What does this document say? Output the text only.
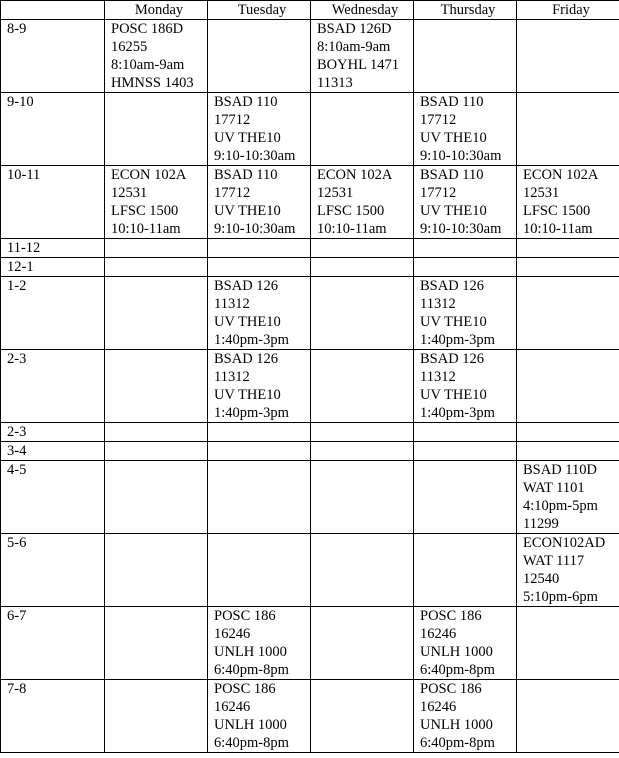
	Monday	Tuesday	Wednesday	Thursday	Friday
8-9	POSC 186D
16255
8:10am-9am
HMNSS 1403		BSAD 126D
8:10am-9am
BOYHL 1471
11313		

9-10		BSAD 110
17712
UV THE10
9:10-10:30am		BSAD 110
17712
UV THE10
9:10-10:30am	

10-11	ECON 102A
12531
LFSC 1500
10:10-11am	BSAD 110
17712
UV THE10
9:10-10:30am	ECON 102A
12531
LFSC 1500
10:10-11am	BSAD 110
17712
UV THE10
9:10-10:30am	ECON 102A
12531
LFSC 1500
10:10-11am

11-12					
12-1					
1-2		BSAD 126
11312
UV THE10
1:40pm-3pm		BSAD 126
11312
UV THE10
1:40pm-3pm	

2-3		BSAD 126
11312
UV THE10
1:40pm-3pm		BSAD 126
11312
UV THE10
1:40pm-3pm	

2-3					
3-4					
4-5					BSAD 110D
WAT 1101
4:10pm-5pm
11299

5-6					ECON102AD
WAT 1117
12540
5:10pm-6pm

6-7		POSC 186
16246
UNLH 1000
6:40pm-8pm		POSC 186
16246
UNLH 1000
6:40pm-8pm	

7-8		POSC 186
16246
UNLH 1000
6:40pm-8pm		POSC 186
16246
UNLH 1000
6:40pm-8pm	
